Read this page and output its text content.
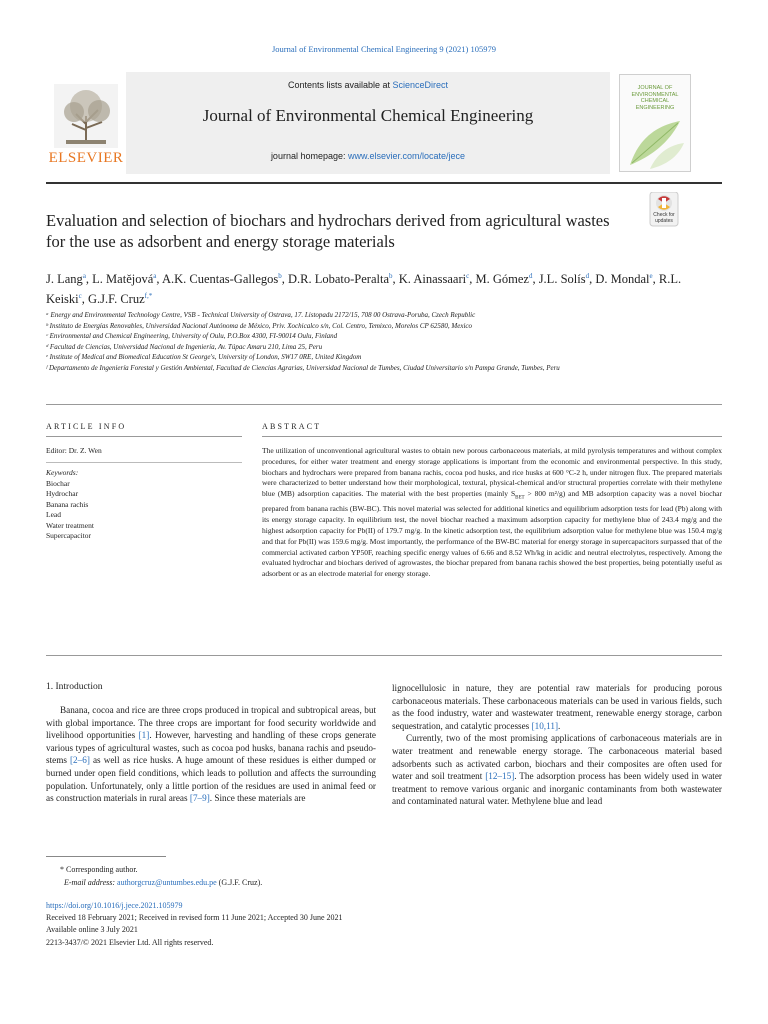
Journal of Environmental Chemical Engineering 9 (2021) 105979
Contents lists available at ScienceDirect
Journal of Environmental Chemical Engineering
journal homepage: www.elsevier.com/locate/jece
ELSEVIER
JOURNAL OF ENVIRONMENTAL CHEMICAL ENGINEERING
Evaluation and selection of biochars and hydrochars derived from agricultural wastes for the use as adsorbent and energy storage materials
Check for updates
J. Lang$^a$, L. Matějová$^a$, A.K. Cuentas-Gallegos$^b$, D.R. Lobato-Peralta$^b$, K. Ainassaari$^c$, M. Gómez$^d$, J.L. Solís$^d$, D. Mondal$^e$, R.L. Keiski$^c$, G.J.F. Cruz$^{f,*}$
ᵃ Energy and Environmental Technology Centre, VSB - Technical University of Ostrava, 17. Listopadu 2172/15, 708 00 Ostrava-Poruba, Czech Republic
ᵇ Instituto de Energías Renovables, Universidad Nacional Autónoma de México, Priv. Xochicalco s/n, Col. Centro, Temixco, Morelos CP 62580, Mexico
ᶜ Environmental and Chemical Engineering, University of Oulu, P.O.Box 4300, FI-90014 Oulu, Finland
ᵈ Facultad de Ciencias, Universidad Nacional de Ingeniería, Av. Túpac Amaru 210, Lima 25, Peru
ᵉ Institute of Medical and Biomedical Education St George's, University of London, SW17 0RE, United Kingdom
ᶠ Departamento de Ingeniería Forestal y Gestión Ambiental, Facultad de Ciencias Agrarias, Universidad Nacional de Tumbes, Ciudad Universitario s/n Pampa Grande, Tumbes, Peru
ARTICLE INFO	ABSTRACT
Editor: Dr. Z. Wen
Keywords:
Biochar
Hydrochar
Banana rachis
Lead
Water treatment
Supercapacitor

The utilization of unconventional agricultural wastes to obtain new porous carbonaceous materials, at mild pyrolysis temperatures and without complex procedures, for either water treatment and energy storage applications is important from the economic and environmental perspective. In this study, biochars and hydrochars were prepared from banana rachis, cocoa pod husks, and rice husks at 600 °C-2 h, under nitrogen flux. The prepared materials were characterized to better understand how their morphological, textural, physical-chemical and/or structural properties correlate with their methylene blue (MB) adsorption capacities. The material with the best properties (mainly $S_{BET} > 800$ m²/g) and MB adsorption capacity was a novel biochar prepared from banana rachis (BW-BC). This novel material was selected for additional kinetics and equilibrium adsorption tests for lead (Pb) along with its energy storage capacity. In equilibrium test, the novel biochar reached a maximum adsorption capacity for methylene blue of 243.4 mg/g and the highest adsorption capacity for Pb(II) of 179.7 mg/g. In the kinetic adsorption test, the equilibrium adsorption value for methylene blue was 150.4 mg/g and that for Pb(II) was 159.6 mg/g. Most importantly, the performance of the BW-BC material for energy storage in supercapacitors surpassed that of the commercial activated carbon YP50F, reaching specific energy values of 6.66 and 8.52 Wh/kg in acidic and neutral electrolytes, respectively. Among the evaluated hydrochar and biochars derived of agrowastes, the biochar prepared from banana rachis showed the best properties, being potentially useful as adsorbent or as an electrode material for energy storage.

1. Introduction

Banana, cocoa and rice are three crops produced in tropical and subtropical areas, but with global importance. The three crops are important for food security worldwide and livelihood opportunities [1]. However, harvesting and handling of these crops generate various types of agricultural wastes, such as cocoa pod husks, banana rachis and pseudo-stems [2–6] as well as rice husks. A huge amount of these residues is either dumped or burned under open field conditions, which leads to pollution and affects the surrounding population. Unfortunately, only a little portion of the residues are used in animal feed or as construction materials in rural areas [7–9]. Since these materials are

lignocellulosic in nature, they are potential raw materials for producing porous carbonaceous materials. These carbonaceous materials can be used in various fields, such as the food industry, water and wastewater treatment, renewable energy storage, carbon sequestration, and catalytic processes [10,11].

Currently, two of the most promising applications of carbonaceous materials are in water treatment and renewable energy storage. The carbonaceous material based adsorbents such as activated carbon, biochars and their composites are often used for water and soil treatment [12–15]. The adsorption process has been widely used in water treatment to remove various organic and inorganic contaminants from both wastewater and contaminated natural water. Methylene blue and lead

* Corresponding author.
E-mail address: authorgcruz@untumbes.edu.pe (G.J.F. Cruz).
https://doi.org/10.1016/j.jece.2021.105979
Received 18 February 2021; Received in revised form 11 June 2021; Accepted 30 June 2021
Available online 3 July 2021
2213-3437/© 2021 Elsevier Ltd. All rights reserved.
